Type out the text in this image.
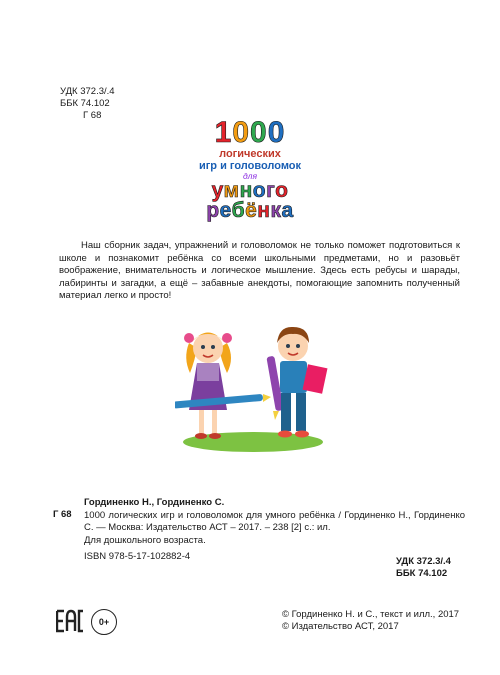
УДК 372.3/.4
ББК 74.102
Г 68
1000
логических
игр и головоломок
для
умного
ребёнка
Наш сборник задач, упражнений и головоломок не только поможет подготовиться к школе и познакомит ребёнка со всеми школьными предметами, но и разовьёт воображение, внимательность и логическое мышление. Здесь есть ребусы и шарады, лабиринты и загадки, а ещё – забавные анекдоты, помогающие запомнить полученный материал легко и просто!
Гординенко Н., Гординенко С.
Г 68 1000 логических игр и головоломок для умного ребёнка / Гординенко Н., Гординенко С. — Москва: Издательство АСТ – 2017. – 238 [2] с.: ил.
Для дошкольного возраста.
ISBN 978-5-17-102882-4	УДК 372.3/.4
ББК 74.102
0+
© Гординенко Н. и С., текст и илл., 2017
© Издательство АСТ, 2017
